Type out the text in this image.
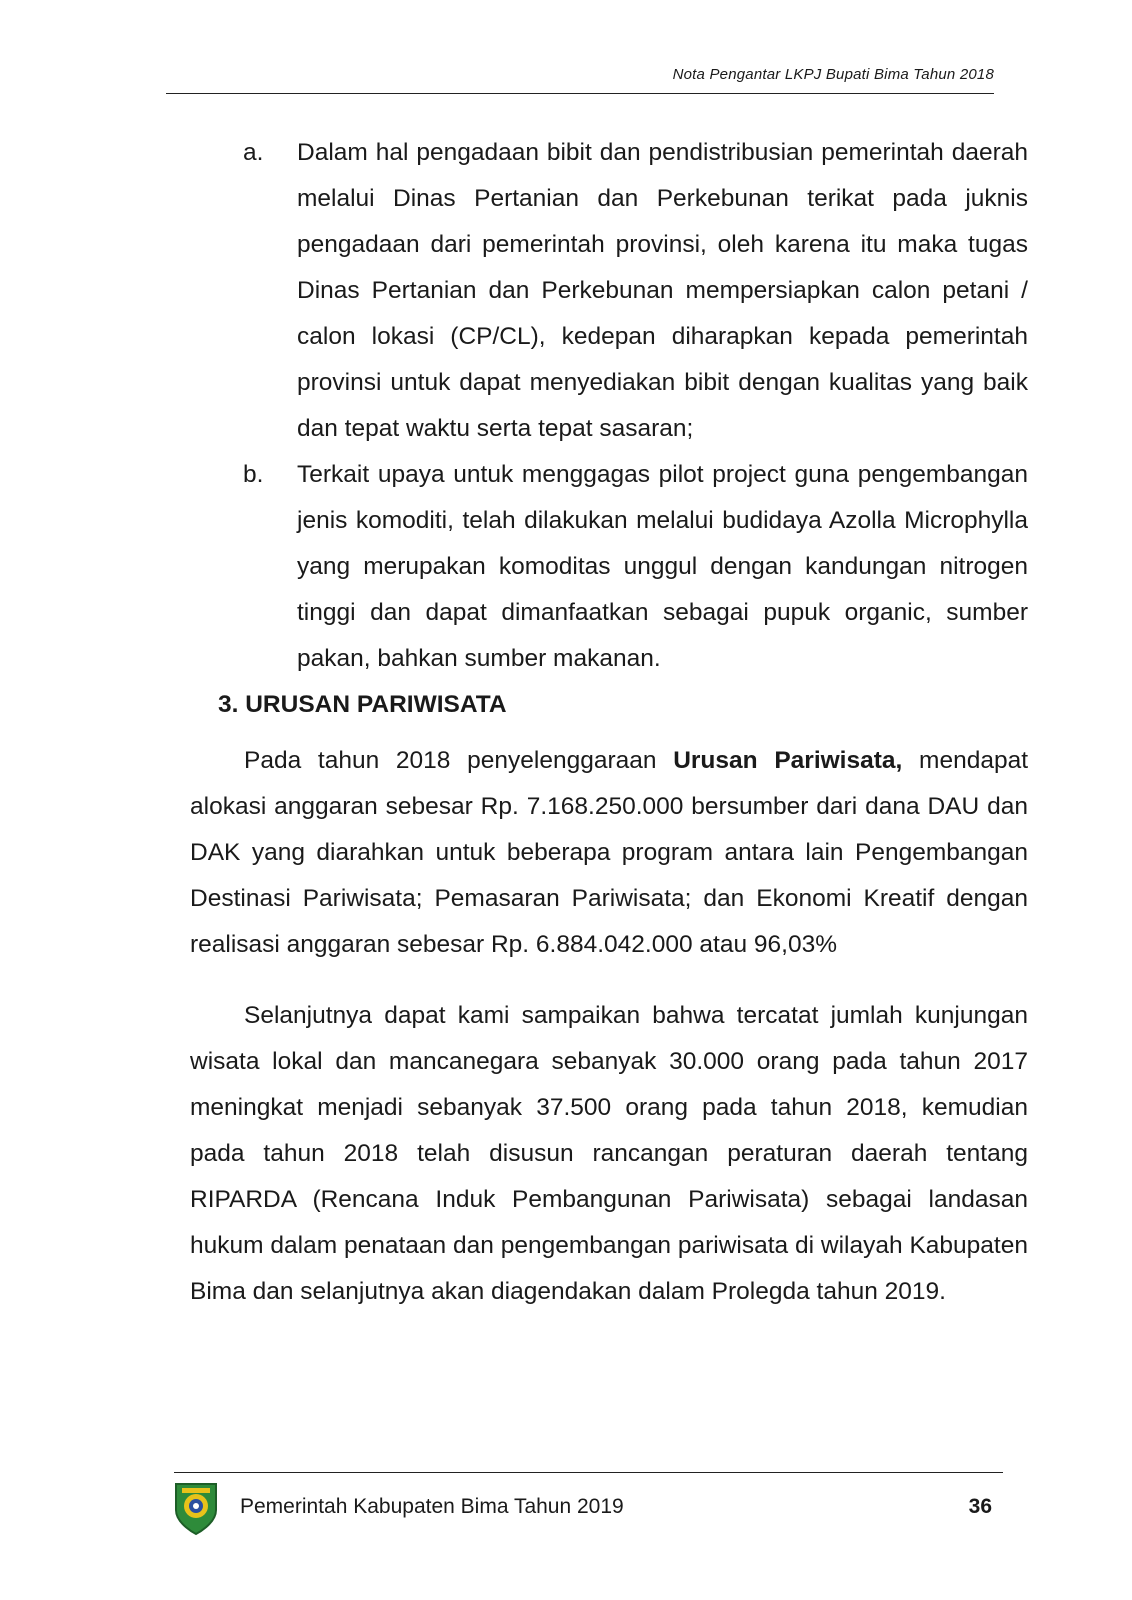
Nota Pengantar LKPJ Bupati Bima Tahun 2018
a.	Dalam hal pengadaan bibit dan pendistribusian pemerintah daerah melalui Dinas Pertanian dan Perkebunan terikat pada juknis pengadaan dari pemerintah provinsi, oleh karena itu maka tugas Dinas Pertanian dan Perkebunan mempersiapkan calon petani / calon lokasi (CP/CL), kedepan diharapkan kepada pemerintah provinsi untuk dapat menyediakan bibit dengan kualitas yang baik dan tepat waktu serta tepat sasaran;
b.	Terkait upaya untuk menggagas pilot project guna pengembangan jenis komoditi, telah dilakukan melalui budidaya Azolla Microphylla yang merupakan komoditas unggul dengan kandungan nitrogen tinggi dan dapat dimanfaatkan sebagai pupuk organic, sumber pakan, bahkan sumber makanan.
3. URUSAN PARIWISATA

Pada tahun 2018 penyelenggaraan Urusan Pariwisata, mendapat alokasi anggaran sebesar Rp. 7.168.250.000 bersumber dari dana DAU dan DAK yang diarahkan untuk beberapa program antara lain Pengembangan Destinasi Pariwisata; Pemasaran Pariwisata; dan Ekonomi Kreatif dengan realisasi anggaran sebesar Rp. 6.884.042.000 atau 96,03%

Selanjutnya dapat kami sampaikan bahwa tercatat jumlah kunjungan wisata lokal dan mancanegara sebanyak 30.000 orang pada tahun 2017 meningkat menjadi sebanyak 37.500 orang pada tahun 2018, kemudian pada tahun 2018 telah disusun rancangan peraturan daerah tentang RIPARDA (Rencana Induk Pembangunan Pariwisata) sebagai landasan hukum dalam penataan dan pengembangan pariwisata di wilayah Kabupaten Bima dan selanjutnya akan diagendakan dalam Prolegda tahun 2019.

Pemerintah Kabupaten Bima Tahun 2019	36
